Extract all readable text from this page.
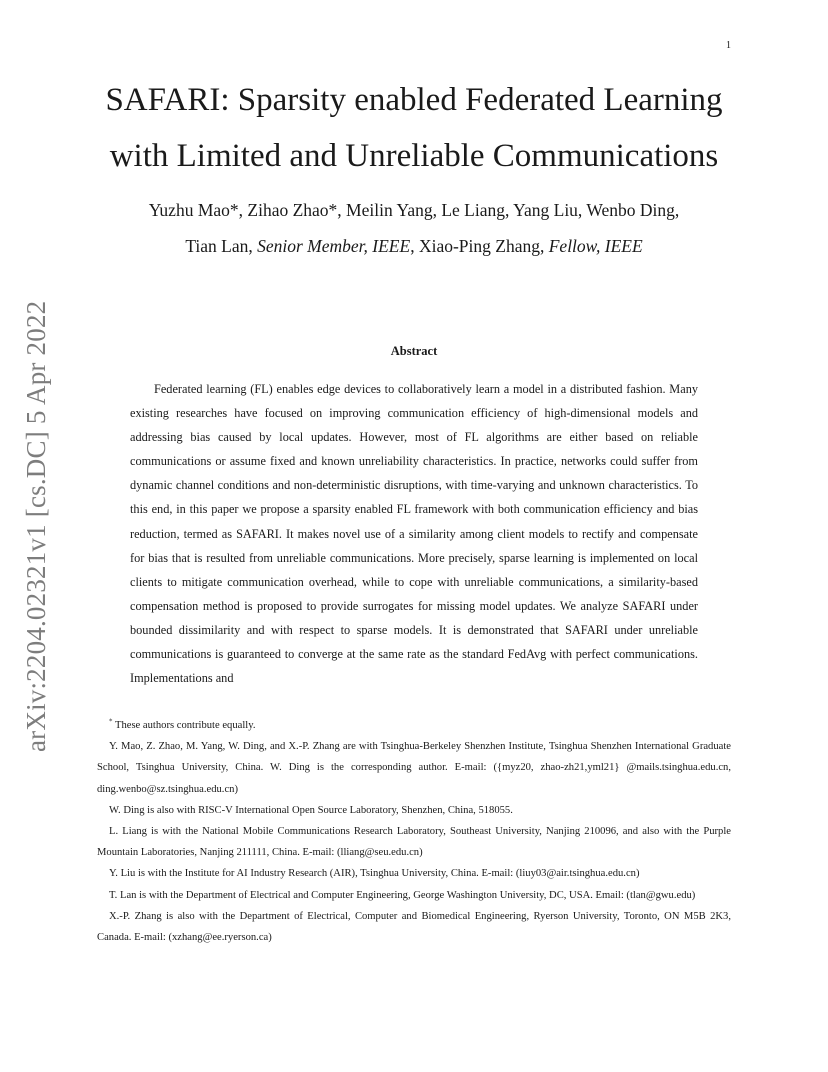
1
arXiv:2204.02321v1 [cs.DC] 5 Apr 2022
SAFARI: Sparsity enabled Federated Learning
with Limited and Unreliable Communications
Yuzhu Mao*, Zihao Zhao*, Meilin Yang, Le Liang, Yang Liu, Wenbo Ding,
Tian Lan, Senior Member, IEEE, Xiao-Ping Zhang, Fellow, IEEE
Abstract

Federated learning (FL) enables edge devices to collaboratively learn a model in a distributed fashion. Many existing researches have focused on improving communication efficiency of high-dimensional models and addressing bias caused by local updates. However, most of FL algorithms are either based on reliable communications or assume fixed and known unreliability characteristics. In practice, networks could suffer from dynamic channel conditions and non-deterministic disruptions, with time-varying and unknown characteristics. To this end, in this paper we propose a sparsity enabled FL framework with both communication efficiency and bias reduction, termed as SAFARI. It makes novel use of a similarity among client models to rectify and compensate for bias that is resulted from unreliable communications. More precisely, sparse learning is implemented on local clients to mitigate communication overhead, while to cope with unreliable communications, a similarity-based compensation method is proposed to provide surrogates for missing model updates. We analyze SAFARI under bounded dissimilarity and with respect to sparse models. It is demonstrated that SAFARI under unreliable communications is guaranteed to converge at the same rate as the standard FedAvg with perfect communications. Implementations and

* These authors contribute equally.

Y. Mao, Z. Zhao, M. Yang, W. Ding, and X.-P. Zhang are with Tsinghua-Berkeley Shenzhen Institute, Tsinghua Shenzhen International Graduate School, Tsinghua University, China. W. Ding is the corresponding author. E-mail: ({myz20, zhao-zh21,yml21} @mails.tsinghua.edu.cn, ding.wenbo@sz.tsinghua.edu.cn)

W. Ding is also with RISC-V International Open Source Laboratory, Shenzhen, China, 518055.

L. Liang is with the National Mobile Communications Research Laboratory, Southeast University, Nanjing 210096, and also with the Purple Mountain Laboratories, Nanjing 211111, China. E-mail: (lliang@seu.edu.cn)

Y. Liu is with the Institute for AI Industry Research (AIR), Tsinghua University, China. E-mail: (liuy03@air.tsinghua.edu.cn)

T. Lan is with the Department of Electrical and Computer Engineering, George Washington University, DC, USA. Email: (tlan@gwu.edu)

X.-P. Zhang is also with the Department of Electrical, Computer and Biomedical Engineering, Ryerson University, Toronto, ON M5B 2K3, Canada. E-mail: (xzhang@ee.ryerson.ca)
